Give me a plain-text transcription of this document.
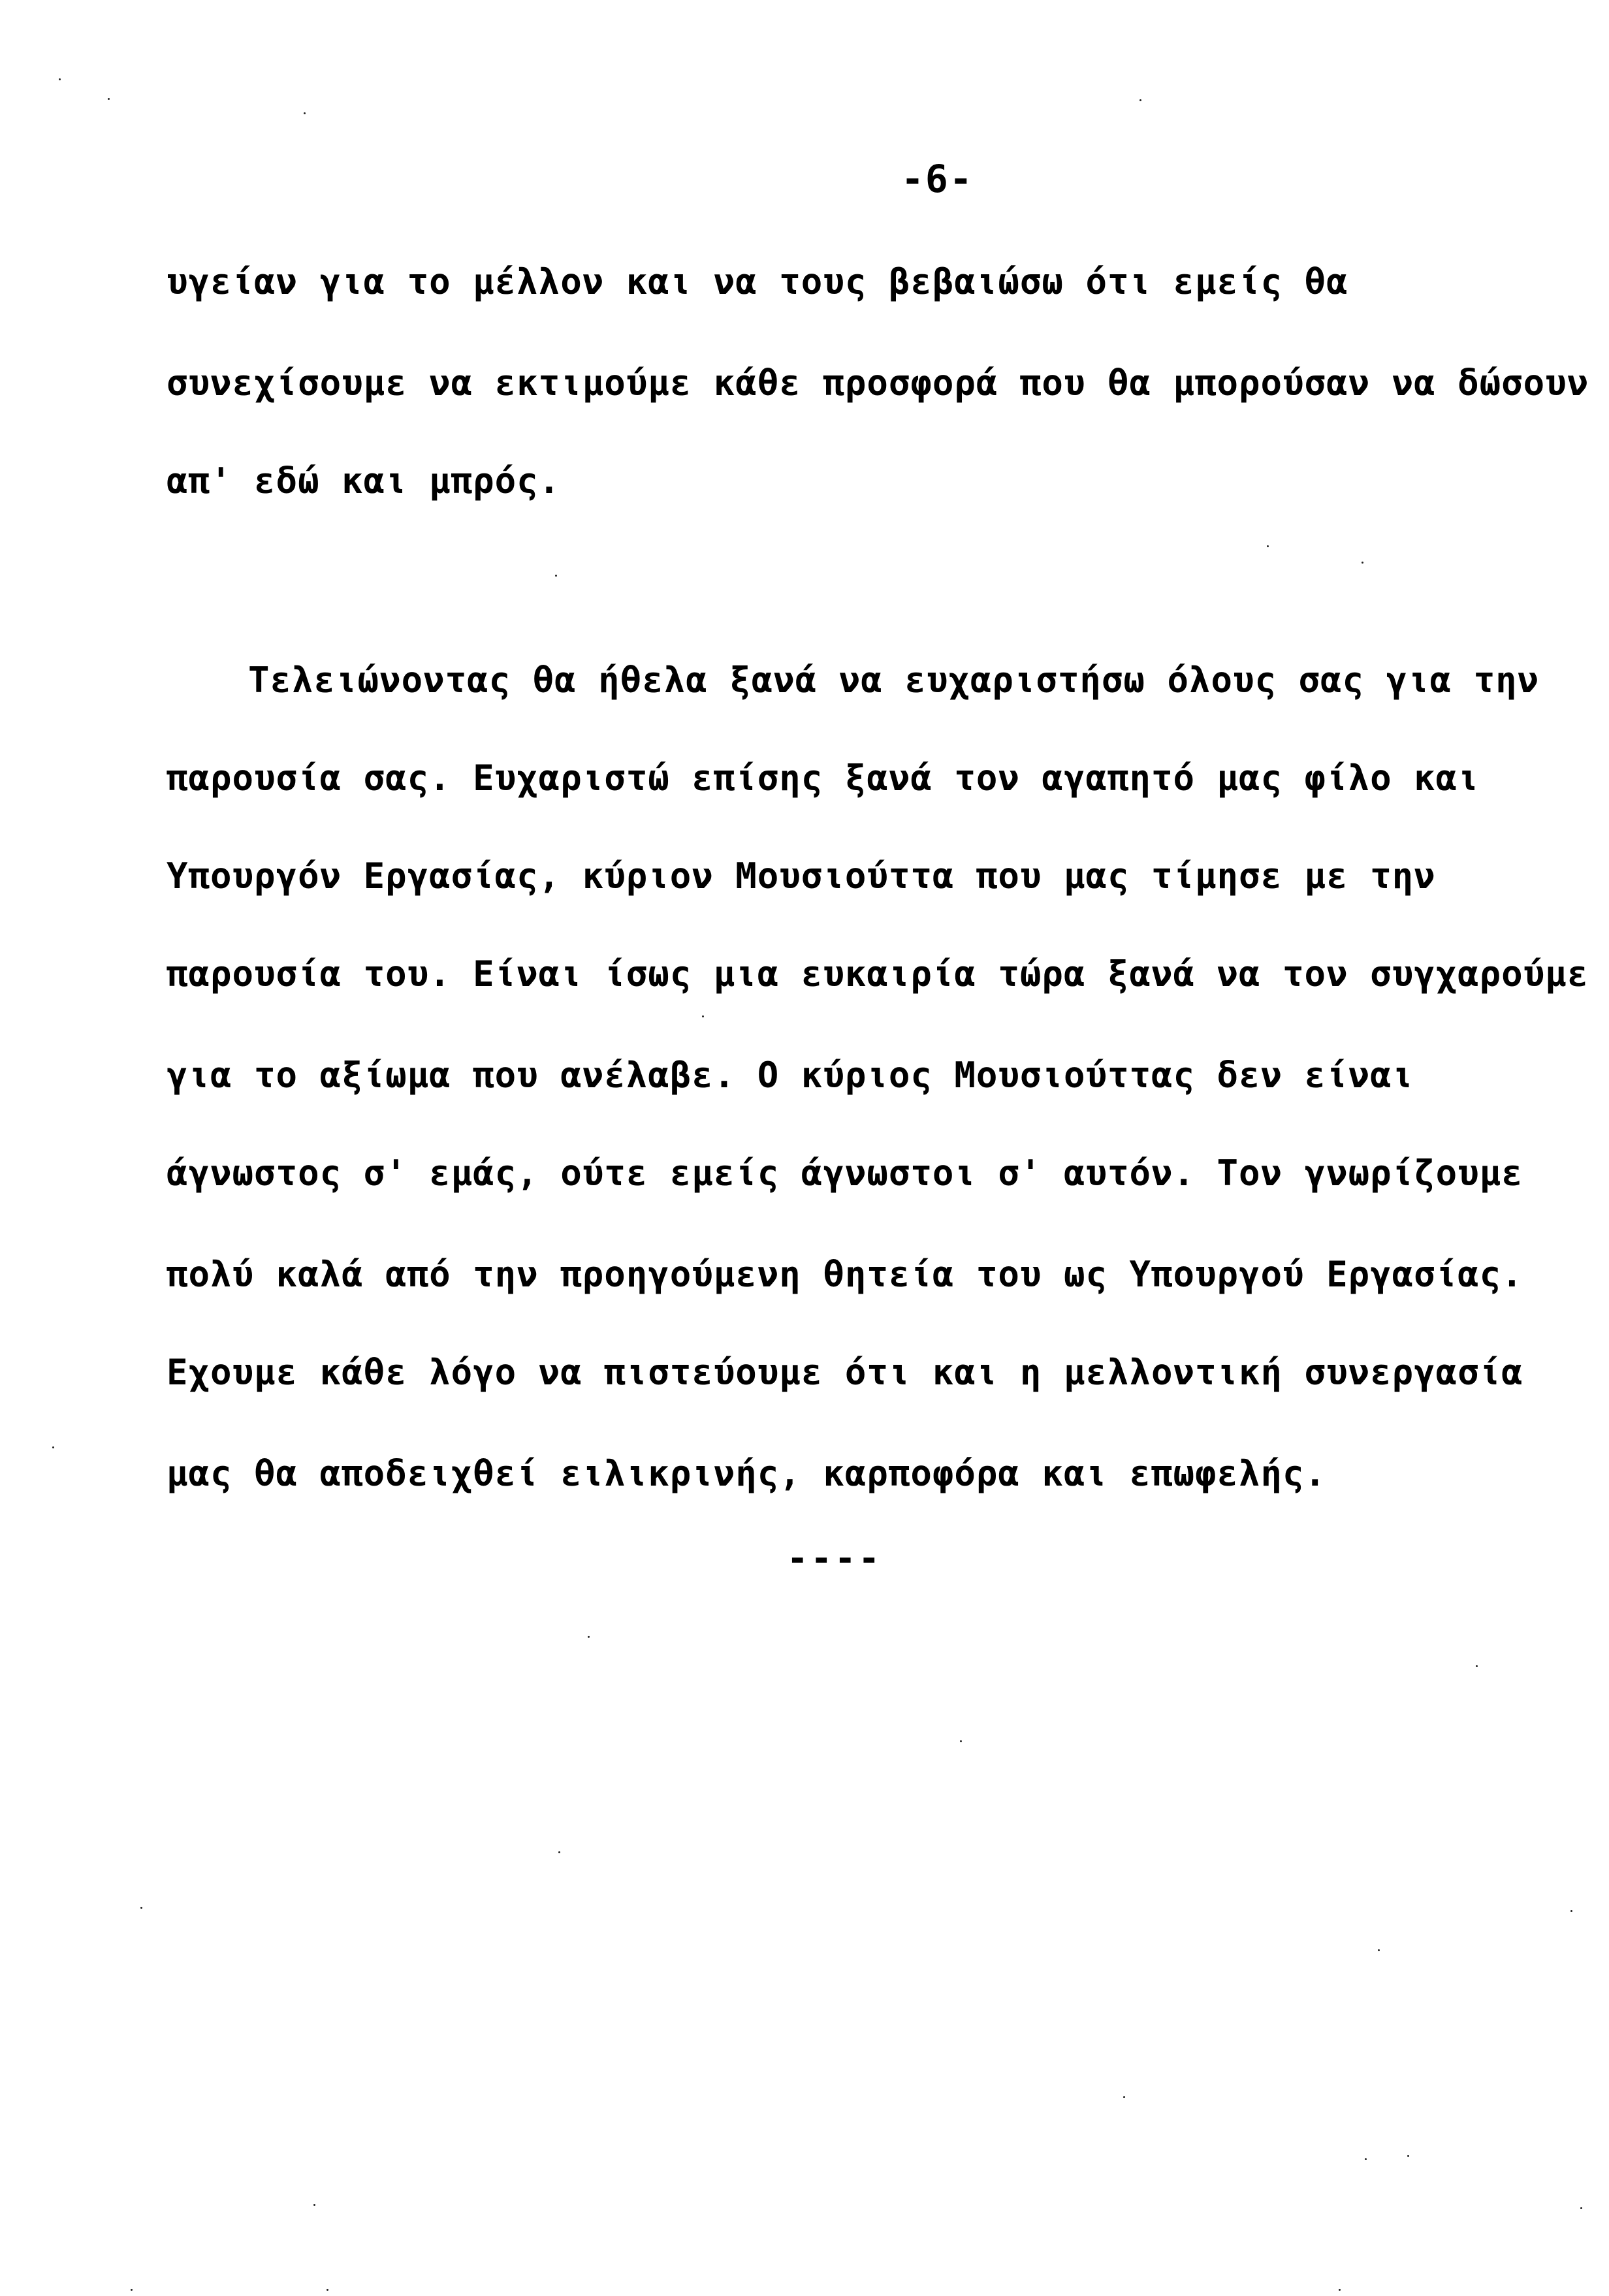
-6-
υγείαν για το μέλλον και να τους βεβαιώσω ότι εμείς θα
συνεχίσουμε να εκτιμούμε κάθε προσφορά που θα μπορούσαν να δώσουν
απ' εδώ και μπρός.
Τελειώνοντας θα ήθελα ξανά να ευχαριστήσω όλους σας για την
παρουσία σας. Ευχαριστώ επίσης ξανά τον αγαπητό μας φίλο και
Υπουργόν Εργασίας, κύριον Μουσιούττα που μας τίμησε με την
παρουσία του. Είναι ίσως μια ευκαιρία τώρα ξανά να τον συγχαρούμε
για το αξίωμα που ανέλαβε. Ο κύριος Μουσιούττας δεν είναι
άγνωστος σ' εμάς, ούτε εμείς άγνωστοι σ' αυτόν. Τον γνωρίζουμε
πολύ καλά από την προηγούμενη θητεία του ως Υπουργού Εργασίας.
Εχουμε κάθε λόγο να πιστεύουμε ότι και η μελλοντική συνεργασία
μας θα αποδειχθεί ειλικρινής, καρποφόρα και επωφελής.
----
